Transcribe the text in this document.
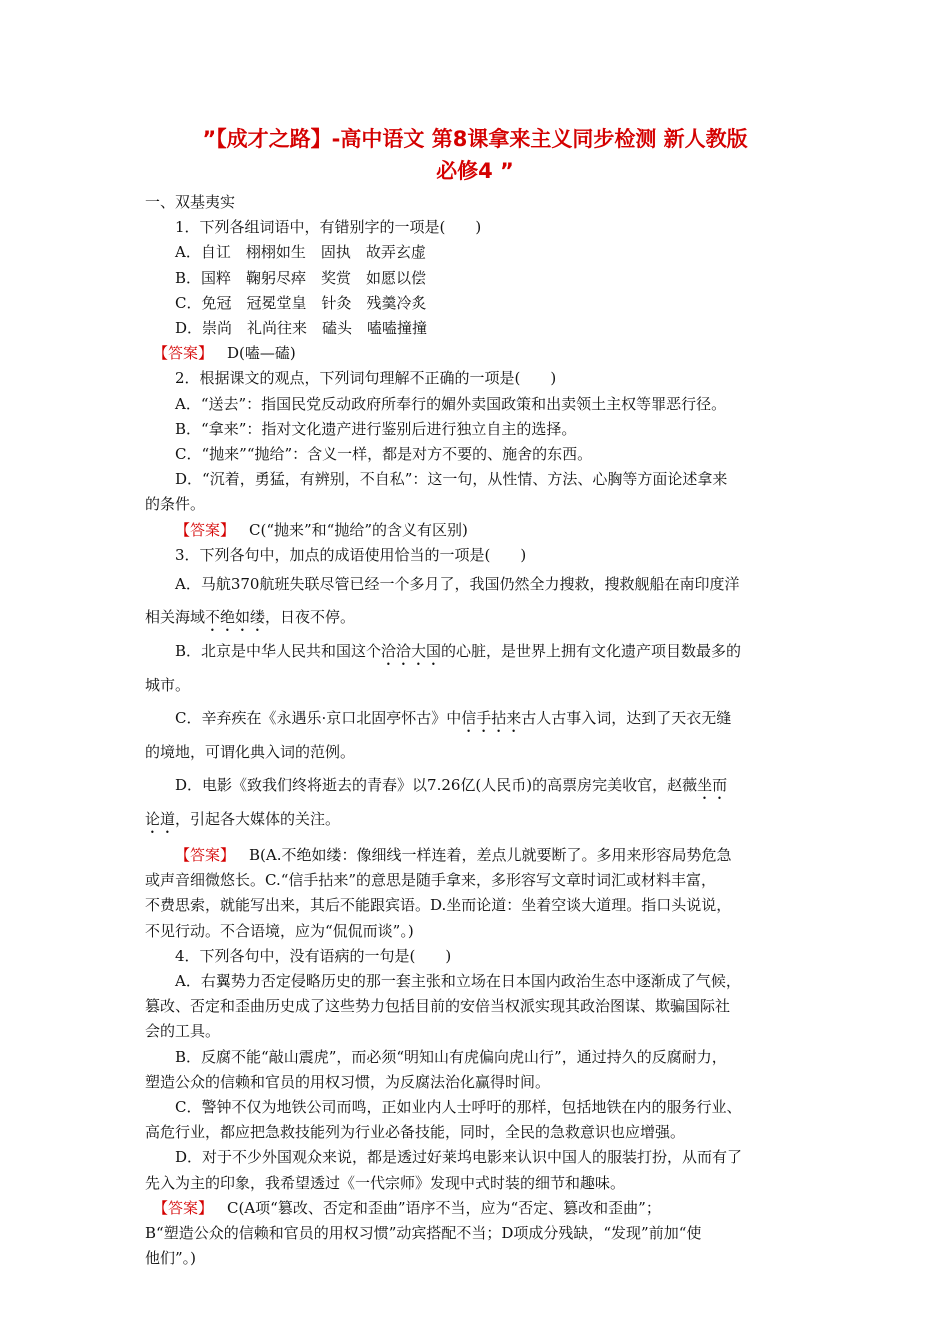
”【成才之路】-高中语文 第8课拿来主义同步检测 新人教版
必修4 ”

一、双基夷实

1．下列各组词语中，有错别字的一项是(　　)

A．自讧　栩栩如生　固执　故弄玄虚

B．国粹　鞠躬尽瘁　奖赏　如愿以偿

C．免冠　冠冕堂皇　针灸　残羹冷炙

D．崇尚　礼尚往来　磕头　嗑嗑撞撞

【答案】 D(嗑—磕)

2．根据课文的观点，下列词句理解不正确的一项是(　　)

A．“送去”：指国民党反动政府所奉行的媚外卖国政策和出卖领土主权等罪恶行径。

B．“拿来”：指对文化遗产进行鉴别后进行独立自主的选择。

C．“抛来”“抛给”：含义一样，都是对方不要的、施舍的东西。

D．“沉着，勇猛，有辨别，不自私”：这一句，从性情、方法、心胸等方面论述拿来

的条件。

【答案】 C(“抛来”和“抛给”的含义有区别)

3．下列各句中，加点的成语使用恰当的一项是(　　)

A．马航370航班失联尽管已经一个多月了，我国仍然全力搜救，搜救舰船在南印度洋

相关海域不绝如缕，日夜不停。

B．北京是中华人民共和国这个洽洽大国的心脏，是世界上拥有文化遗产项目数最多的

城市。

C．辛弃疾在《永遇乐·京口北固亭怀古》中信手拈来古人古事入词，达到了天衣无缝

的境地，可谓化典入词的范例。

D．电影《致我们终将逝去的青春》以7.26亿(人民币)的高票房完美收官，赵薇坐而

论道，引起各大媒体的关注。

【答案】 B(A.不绝如缕：像细线一样连着，差点儿就要断了。多用来形容局势危急

或声音细微悠长。C.“信手拈来”的意思是随手拿来，多形容写文章时词汇或材料丰富，

不费思索，就能写出来，其后不能跟宾语。D.坐而论道：坐着空谈大道理。指口头说说，

不见行动。不合语境，应为“侃侃而谈”。)

4．下列各句中，没有语病的一句是(　　)

A．右翼势力否定侵略历史的那一套主张和立场在日本国内政治生态中逐渐成了气候，

篡改、否定和歪曲历史成了这些势力包括目前的安倍当权派实现其政治图谋、欺骗国际社

会的工具。

B．反腐不能“敲山震虎”，而必须“明知山有虎偏向虎山行”，通过持久的反腐耐力，

塑造公众的信赖和官员的用权习惯，为反腐法治化赢得时间。

C．警钟不仅为地铁公司而鸣，正如业内人士呼吁的那样，包括地铁在内的服务行业、

高危行业，都应把急救技能列为行业必备技能，同时，全民的急救意识也应增强。

D．对于不少外国观众来说，都是透过好莱坞电影来认识中国人的服装打扮，从而有了

先入为主的印象，我希望透过《一代宗师》发现中式时装的细节和趣味。

【答案】 C(A项“篡改、否定和歪曲”语序不当，应为“否定、篡改和歪曲”；

B“塑造公众的信赖和官员的用权习惯”动宾搭配不当；D项成分残缺，“发现”前加“使

他们”。)
